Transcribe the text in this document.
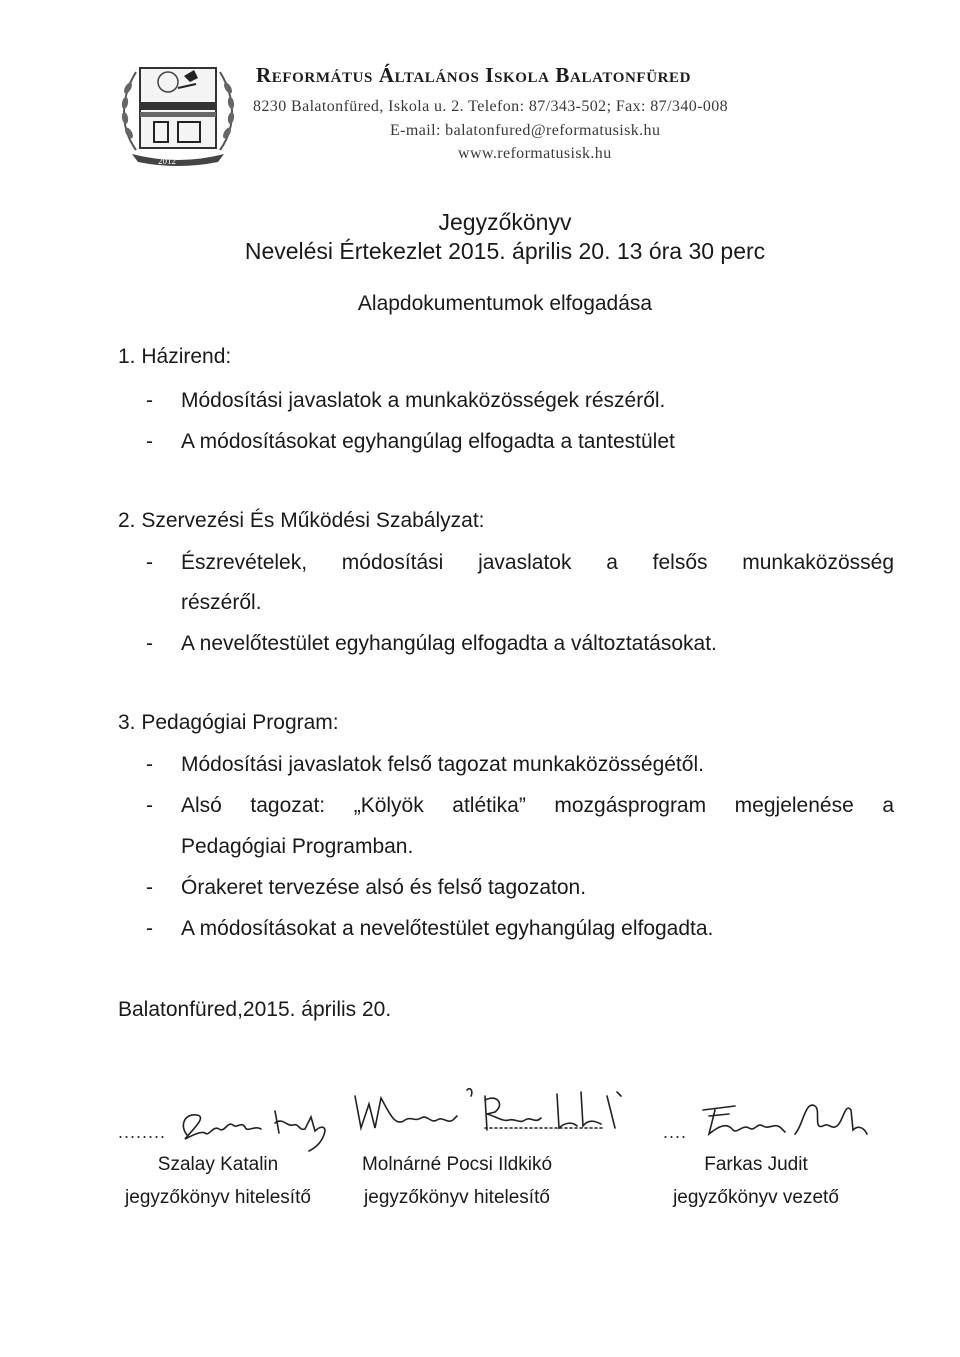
2012
Református Általános Iskola Balatonfüred
8230 Balatonfüred, Iskola u. 2. Telefon: 87/343-502; Fax: 87/340-008
E-mail: balatonfured@reformatusisk.hu
www.reformatusisk.hu
Jegyzőkönyv
Nevelési Értekezlet 2015. április 20. 13 óra 30 perc
Alapdokumentumok elfogadása
1. Házirend:
- Módosítási javaslatok a munkaközösségek részéről.
- A módosításokat egyhangúlag elfogadta a tantestület
2. Szervezési És Működési Szabályzat:
- Észrevételek, módosítási javaslatok a felsős munkaközösség
részéről.
- A nevelőtestület egyhangúlag elfogadta a változtatásokat.
3. Pedagógiai Program:
- Módosítási javaslatok felső tagozat munkaközösségétől.
- Alsó tagozat: „Kölyök atlétika” mozgásprogram megjelenése a
Pedagógiai Programban.
- Órakeret tervezése alsó és felső tagozaton.
- A módosításokat a nevelőtestület egyhangúlag elfogadta.
Balatonfüred,2015. április 20.
........	....
Szalay Katalin
jegyzőkönyv hitelesítő
Molnárné Pocsi Ildkikó
jegyzőkönyv hitelesítő
Farkas Judit
jegyzőkönyv vezető
